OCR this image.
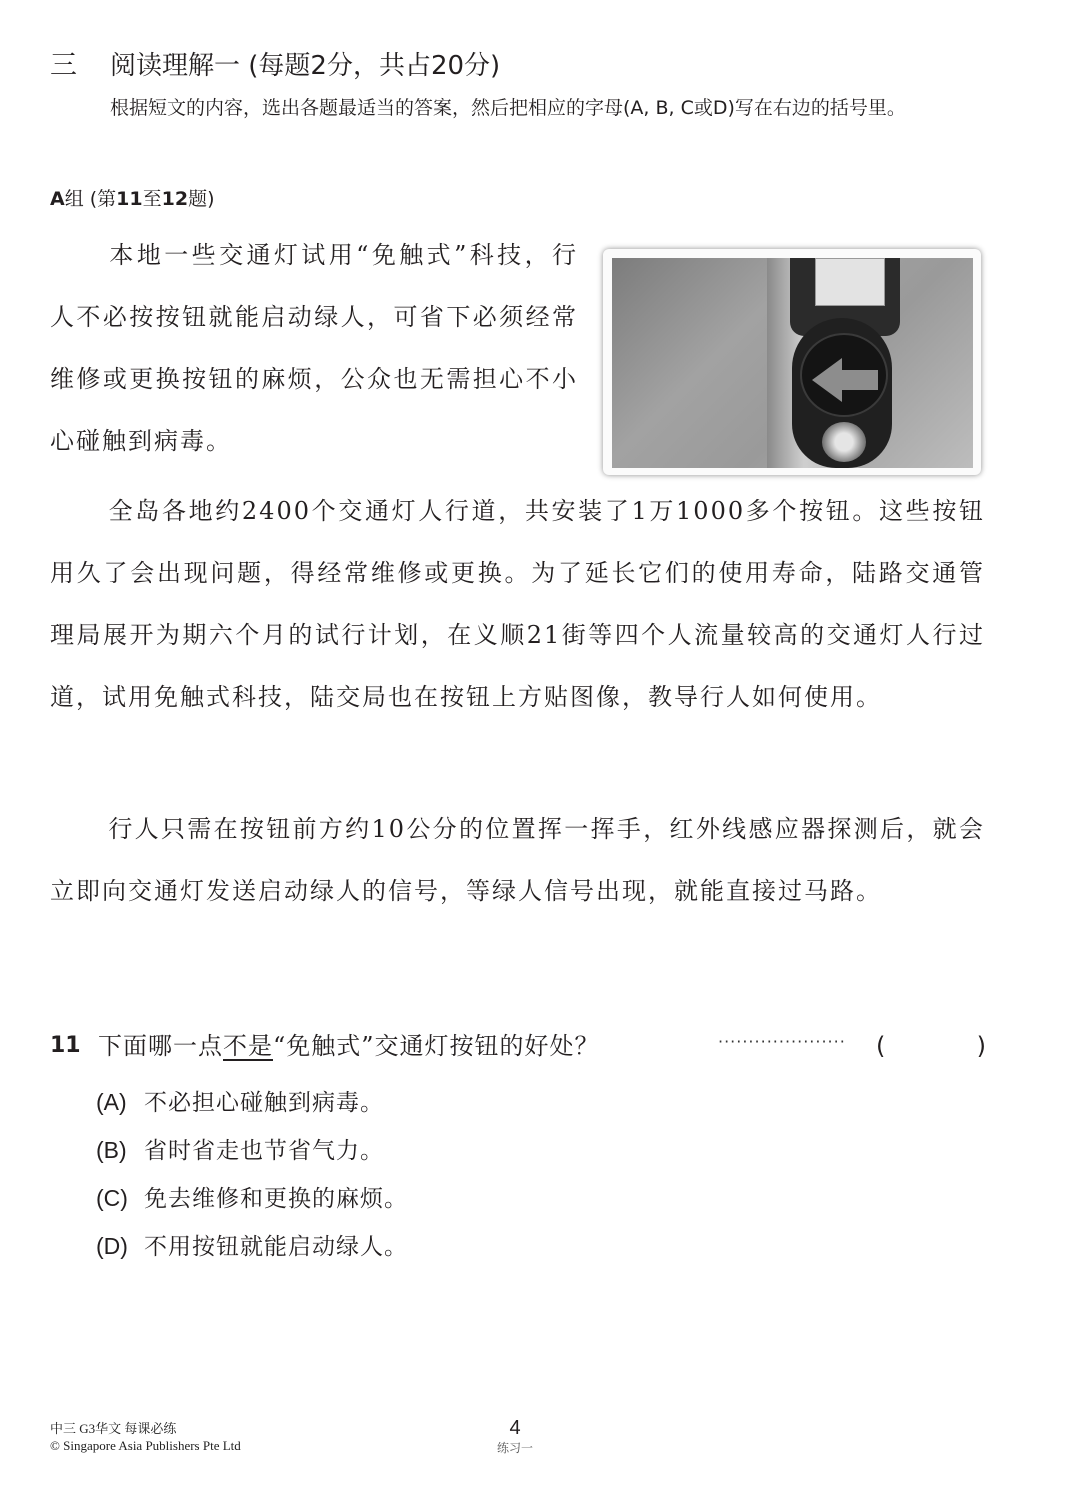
三 阅读理解一 (每题2分，共占20分)
根据短文的内容，选出各题最适当的答案，然后把相应的字母(A, B, C或D)写在右边的括号里。
A组 (第11至12题)
本地一些交通灯试用“免触式”科技，行人不必按按钮就能启动绿人，可省下必须经常维修或更换按钮的麻烦，公众也无需担心不小心碰触到病毒。
全岛各地约2400个交通灯人行道，共安装了1万1000多个按钮。这些按钮用久了会出现问题，得经常维修或更换。为了延长它们的使用寿命，陆路交通管理局展开为期六个月的试行计划，在义顺21街等四个人流量较高的交通灯人行过道，试用免触式科技，陆交局也在按钮上方贴图像，教导行人如何使用。
行人只需在按钮前方约10公分的位置挥一挥手，红外线感应器探测后，就会立即向交通灯发送启动绿人的信号，等绿人信号出现，就能直接过马路。
11 下面哪一点不是“免触式”交通灯按钮的好处？	····················· (	)
(A) 不必担心碰触到病毒。
(B) 省时省走也节省气力。
(C) 免去维修和更换的麻烦。
(D) 不用按钮就能启动绿人。
中三 G3华文 每课必练
© Singapore Asia Publishers Pte Ltd
4
练习一
